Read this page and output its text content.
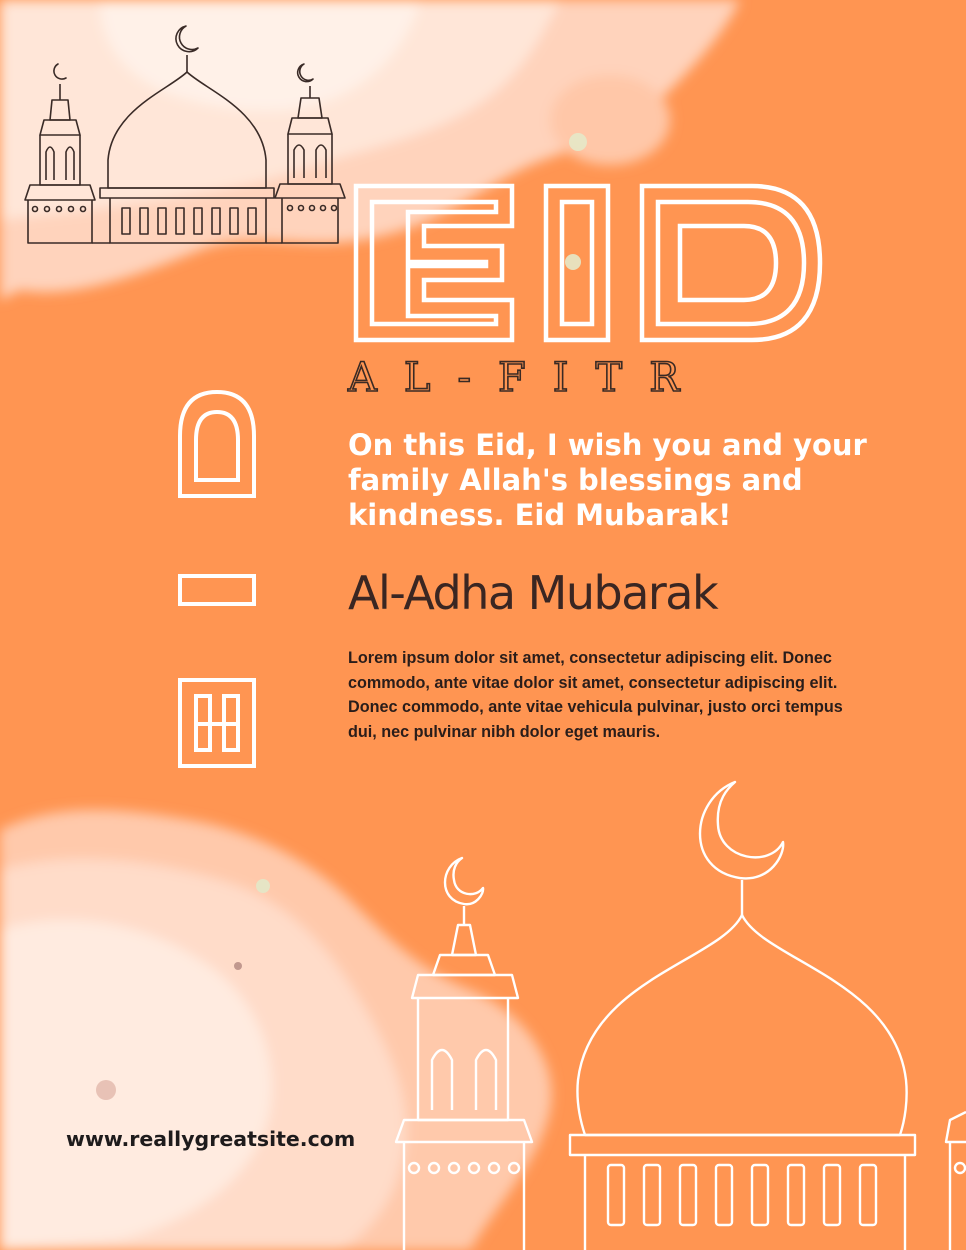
AL-FITR
On this Eid, I wish you and your family Allah's blessings and kindness. Eid Mubarak!
Al-Adha Mubarak
Lorem ipsum dolor sit amet, consectetur adipiscing elit. Donec commodo, ante vitae dolor sit amet, consectetur adipiscing elit. Donec commodo, ante vitae vehicula pulvinar, justo orci tempus dui, nec pulvinar nibh dolor eget mauris.
www.reallygreatsite.com
